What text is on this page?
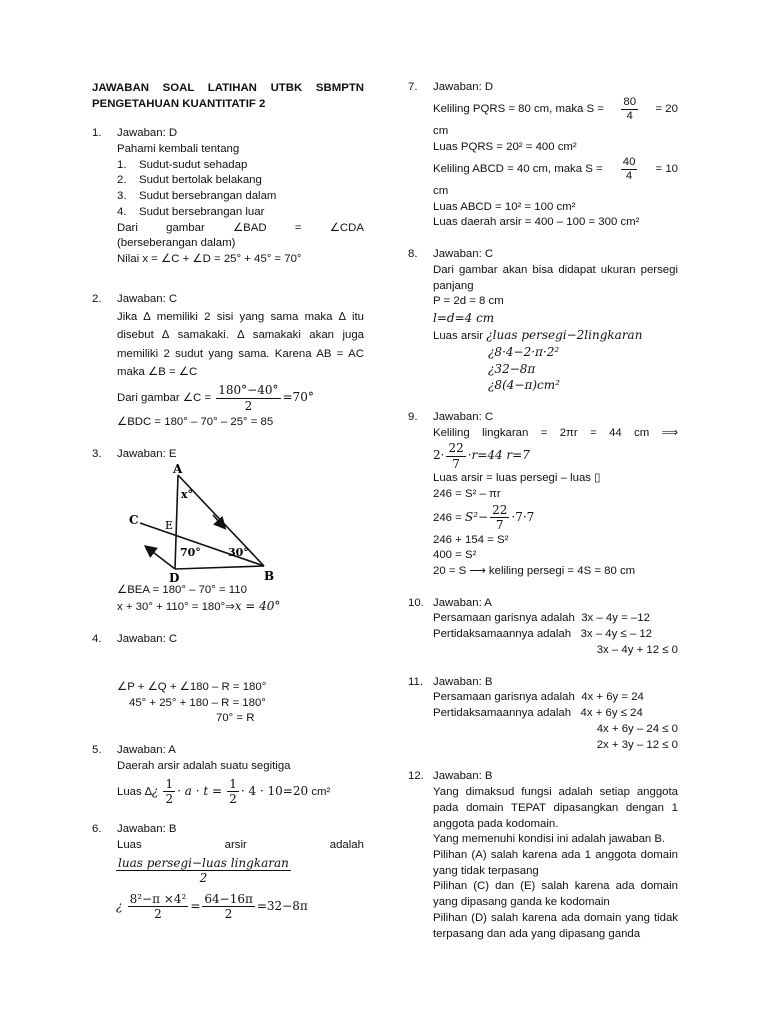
JAWABAN SOAL LATIHAN UTBK SBMPTN
PENGETAHUAN KUANTITATIF 2
1. Jawaban: D
Pahami kembali tentang
1. Sudut-sudut sehadap
2. Sudut bertolak belakang
3. Sudut bersebrangan dalam
4. Sudut bersebrangan luar
Dari gambar ∠BAD = ∠CDA
(berseberangan dalam)
Nilai x = ∠C + ∠D = 25° + 45° = 70°
2. Jawaban: C
Jika ∆ memiliki 2 sisi yang sama maka ∆ itu disebut ∆ samakaki. ∆ samakaki akan juga memiliki 2 sudut yang sama. Karena AB = AC maka ∠B = ∠C
Dari gambar ∠C = $\frac{180^\circ-40^\circ}{2} =70^\circ$
∠BDC = 180° – 70° – 25° = 85
3. Jawaban: E
A
C E
D	B
x°
70° 30°
∠BEA = 180° – 70° = 110
x + 30° + 110° = 180°⇒x = 40°
4. Jawaban: C
∠P + ∠Q + ∠180 – R = 180°
45° + 25° + 180 – R = 180°
70° = R
5. Jawaban: A
Daerah arsir adalah suatu segitiga
Luas ∆¿ $\frac{1}{2} \cdot a \cdot t = \frac{1}{2} \cdot 4 \cdot 10=20$ cm²
6. Jawaban: B
Luas	arsir	adalah
$\frac{\text{luas persegi−luas lingkaran}}{2}$
¿ $\frac{\text{8²−π ×4²}}{2} = \frac{64-16\pi}{2} =32-8\pi$
7. Jawaban: D
Keliling PQRS = 80 cm, maka $S = \frac{80}{4} = 20$
cm
Luas PQRS = 20² = 400 cm²
Keliling ABCD = 40 cm, maka $S = \frac{40}{4} = 10$
cm
Luas ABCD = 10² = 100 cm²
Luas daerah arsir = 400 – 100 = 300 cm²
8. Jawaban: C
Dari gambar akan bisa didapat ukuran persegi panjang
P = 2d = 8 cm
l=d=4 cm
Luas arsir ¿luas persegi−2lingkaran
¿8·4−2·π·2²
¿32−8π
¿8(4−π)cm²
9. Jawaban: C
Keliling lingkaran = 2πr = 44 cm ⟹
$2\cdot \frac{22}{7} \cdot r=44$ r=7
Luas arsir = luas persegi – luas ▯
246 = S² – πr
$246 = S^2- \frac{22}{7} \cdot 7\cdot 7$
246 + 154 = S²
400 = S²
20 = S ⟶ keliling persegi = 4S = 80 cm
10. Jawaban: A
Persamaan garisnya adalah 3x – 4y = –12
Pertidaksamaannya adalah 3x – 4y ≤ – 12
3x – 4y + 12 ≤ 0
11. Jawaban: B
Persamaan garisnya adalah 4x + 6y = 24
Pertidaksamaannya adalah 4x + 6y ≤ 24
4x + 6y – 24 ≤ 0
2x + 3y – 12 ≤ 0
12. Jawaban: B
Yang dimaksud fungsi adalah setiap anggota pada domain TEPAT dipasangkan dengan 1 anggota pada kodomain.
Yang memenuhi kondisi ini adalah jawaban B.
Pilihan (A) salah karena ada 1 anggota domain yang tidak terpasang
Pilihan (C) dan (E) salah karena ada domain yang dipasang ganda ke kodomain
Pilihan (D) salah karena ada domain yang tidak terpasang dan ada yang dipasang ganda
